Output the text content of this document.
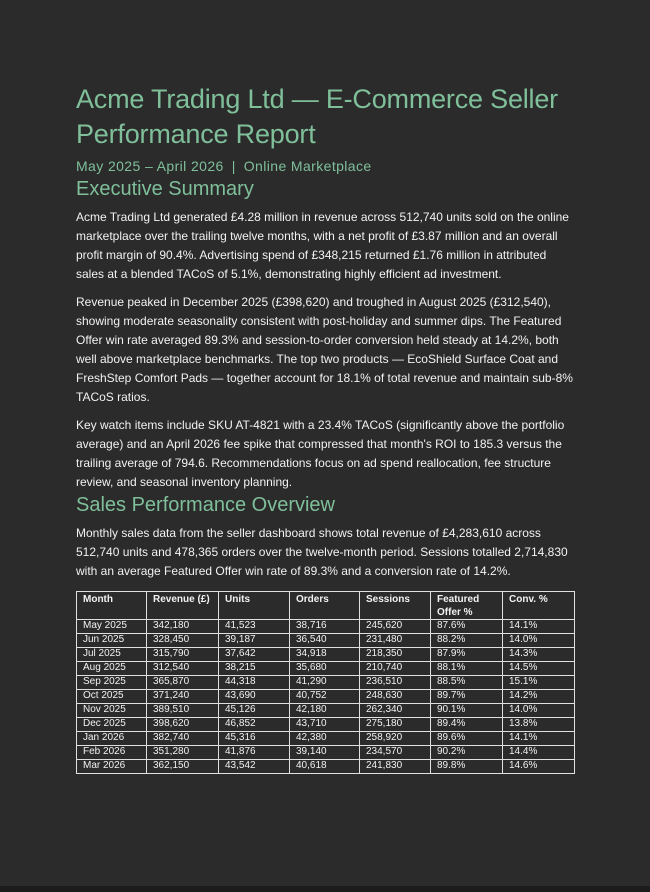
Acme Trading Ltd — E-Commerce Seller Performance Report
May 2025 – April 2026 | Online Marketplace
Executive Summary

Acme Trading Ltd generated £4.28 million in revenue across 512,740 units sold on the online marketplace over the trailing twelve months, with a net profit of £3.87 million and an overall profit margin of 90.4%. Advertising spend of £348,215 returned £1.76 million in attributed sales at a blended TACoS of 5.1%, demonstrating highly efficient ad investment.

Revenue peaked in December 2025 (£398,620) and troughed in August 2025 (£312,540), showing moderate seasonality consistent with post-holiday and summer dips. The Featured Offer win rate averaged 89.3% and session-to-order conversion held steady at 14.2%, both well above marketplace benchmarks. The top two products — EcoShield Surface Coat and FreshStep Comfort Pads — together account for 18.1% of total revenue and maintain sub-8% TACoS ratios.

Key watch items include SKU AT-4821 with a 23.4% TACoS (significantly above the portfolio average) and an April 2026 fee spike that compressed that month's ROI to 185.3 versus the trailing average of 794.6. Recommendations focus on ad spend reallocation, fee structure review, and seasonal inventory planning.

Sales Performance Overview

Monthly sales data from the seller dashboard shows total revenue of £4,283,610 across 512,740 units and 478,365 orders over the twelve-month period. Sessions totalled 2,714,830 with an average Featured Offer win rate of 89.3% and a conversion rate of 14.2%.

Month	Revenue (£)	Units	Orders	Sessions	Featured Offer %	Conv. %
May 2025	342,180	41,523	38,716	245,620	87.6%	14.1%
Jun 2025	328,450	39,187	36,540	231,480	88.2%	14.0%
Jul 2025	315,790	37,642	34,918	218,350	87.9%	14.3%
Aug 2025	312,540	38,215	35,680	210,740	88.1%	14.5%
Sep 2025	365,870	44,318	41,290	236,510	88.5%	15.1%
Oct 2025	371,240	43,690	40,752	248,630	89.7%	14.2%
Nov 2025	389,510	45,126	42,180	262,340	90.1%	14.0%
Dec 2025	398,620	46,852	43,710	275,180	89.4%	13.8%
Jan 2026	382,740	45,316	42,380	258,920	89.6%	14.1%
Feb 2026	351,280	41,876	39,140	234,570	90.2%	14.4%
Mar 2026	362,150	43,542	40,618	241,830	89.8%	14.6%
